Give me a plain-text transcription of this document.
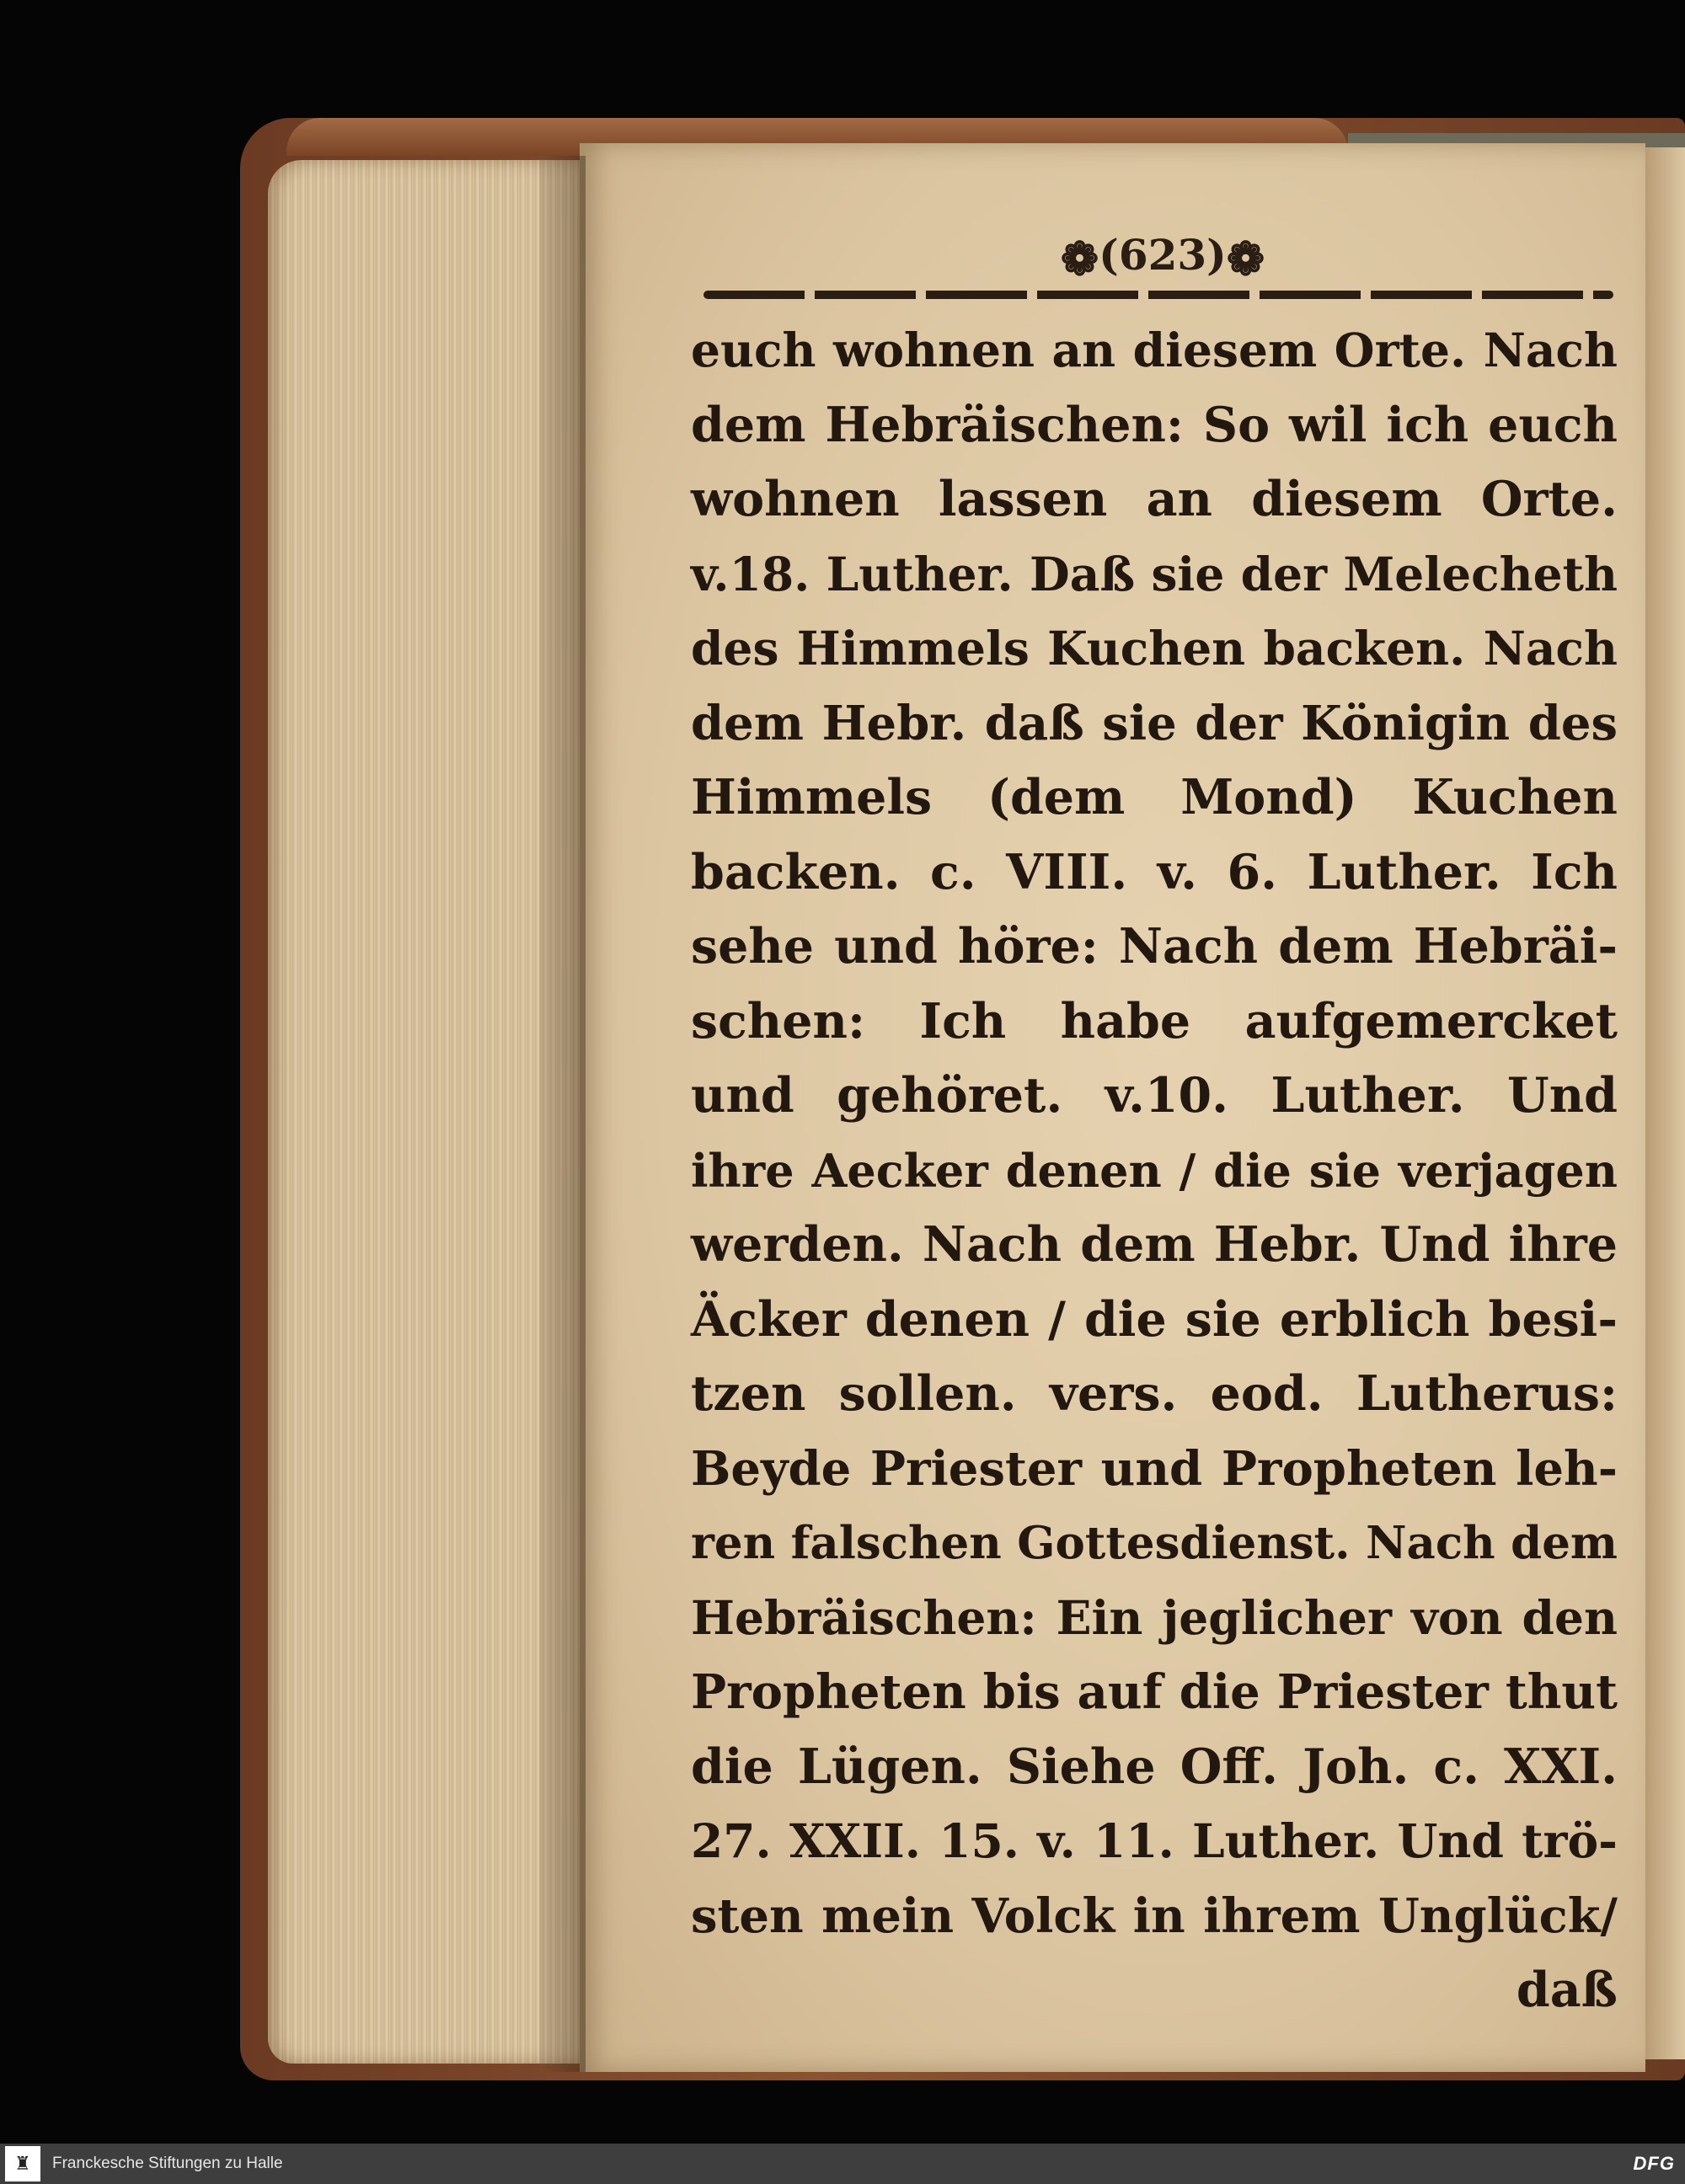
❁(623)❁
euch wohnen an diesem Orte. Nach
dem Hebräischen: So wil ich euch
wohnen lassen an diesem Orte.
v.18. Luther. Daß sie der Melecheth
des Himmels Kuchen backen. Nach
dem Hebr. daß sie der Königin des
Himmels (dem Mond) Kuchen
backen. c. VIII. v. 6. Luther. Ich
sehe und höre: Nach dem Hebräi-
schen: Ich habe aufgemercket
und gehöret. v.10. Luther. Und
ihre Aecker denen / die sie verjagen
werden. Nach dem Hebr. Und ihre
Äcker denen / die sie erblich besi-
tzen sollen. vers. eod. Lutherus:
Beyde Priester und Propheten leh-
ren falschen Gottesdienst. Nach dem
Hebräischen: Ein jeglicher von den
Propheten bis auf die Priester thut
die Lügen. Siehe Off. Joh. c. XXI.
27. XXII. 15. v. 11. Luther. Und trö-
sten mein Volck in ihrem Unglück/
daß
♜	Franckesche Stiftungen zu Halle	DFG
